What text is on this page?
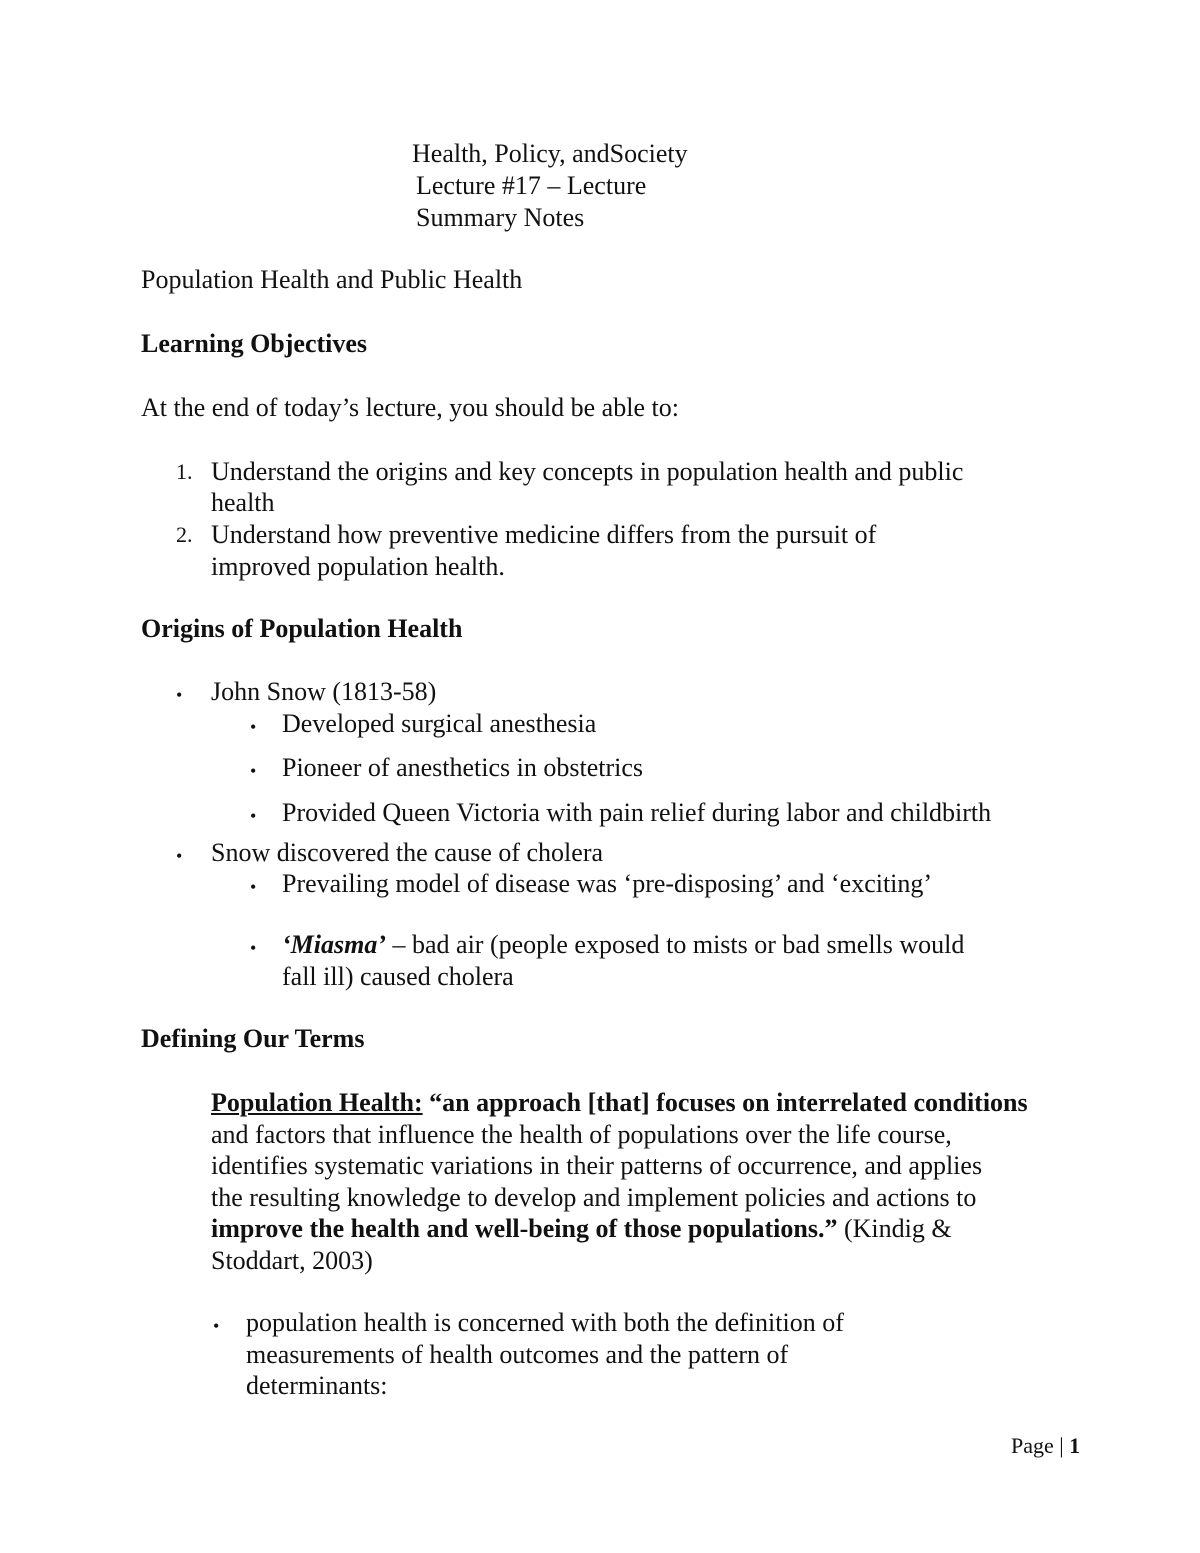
Health, Policy, andSociety
Lecture #17 – Lecture
Summary Notes
Population Health and Public Health
Learning Objectives
At the end of today’s lecture, you should be able to:
1. Understand the origins and key concepts in population health and public
health
2. Understand how preventive medicine differs from the pursuit of
improved population health.
Origins of Population Health
• John Snow (1813-58)
• Developed surgical anesthesia
• Pioneer of anesthetics in obstetrics
• Provided Queen Victoria with pain relief during labor and childbirth
• Snow discovered the cause of cholera
• Prevailing model of disease was ‘pre-disposing’ and ‘exciting’
• ‘Miasma’ – bad air (people exposed to mists or bad smells would
fall ill) caused cholera
Defining Our Terms
Population Health: “an approach [that] focuses on interrelated conditions
and factors that influence the health of populations over the life course,
identifies systematic variations in their patterns of occurrence, and applies
the resulting knowledge to develop and implement policies and actions to
improve the health and well-being of those populations.” (Kindig &
Stoddart, 2003)
• population health is concerned with both the definition of
measurements of health outcomes and the pattern of
determinants:
Page | 1
